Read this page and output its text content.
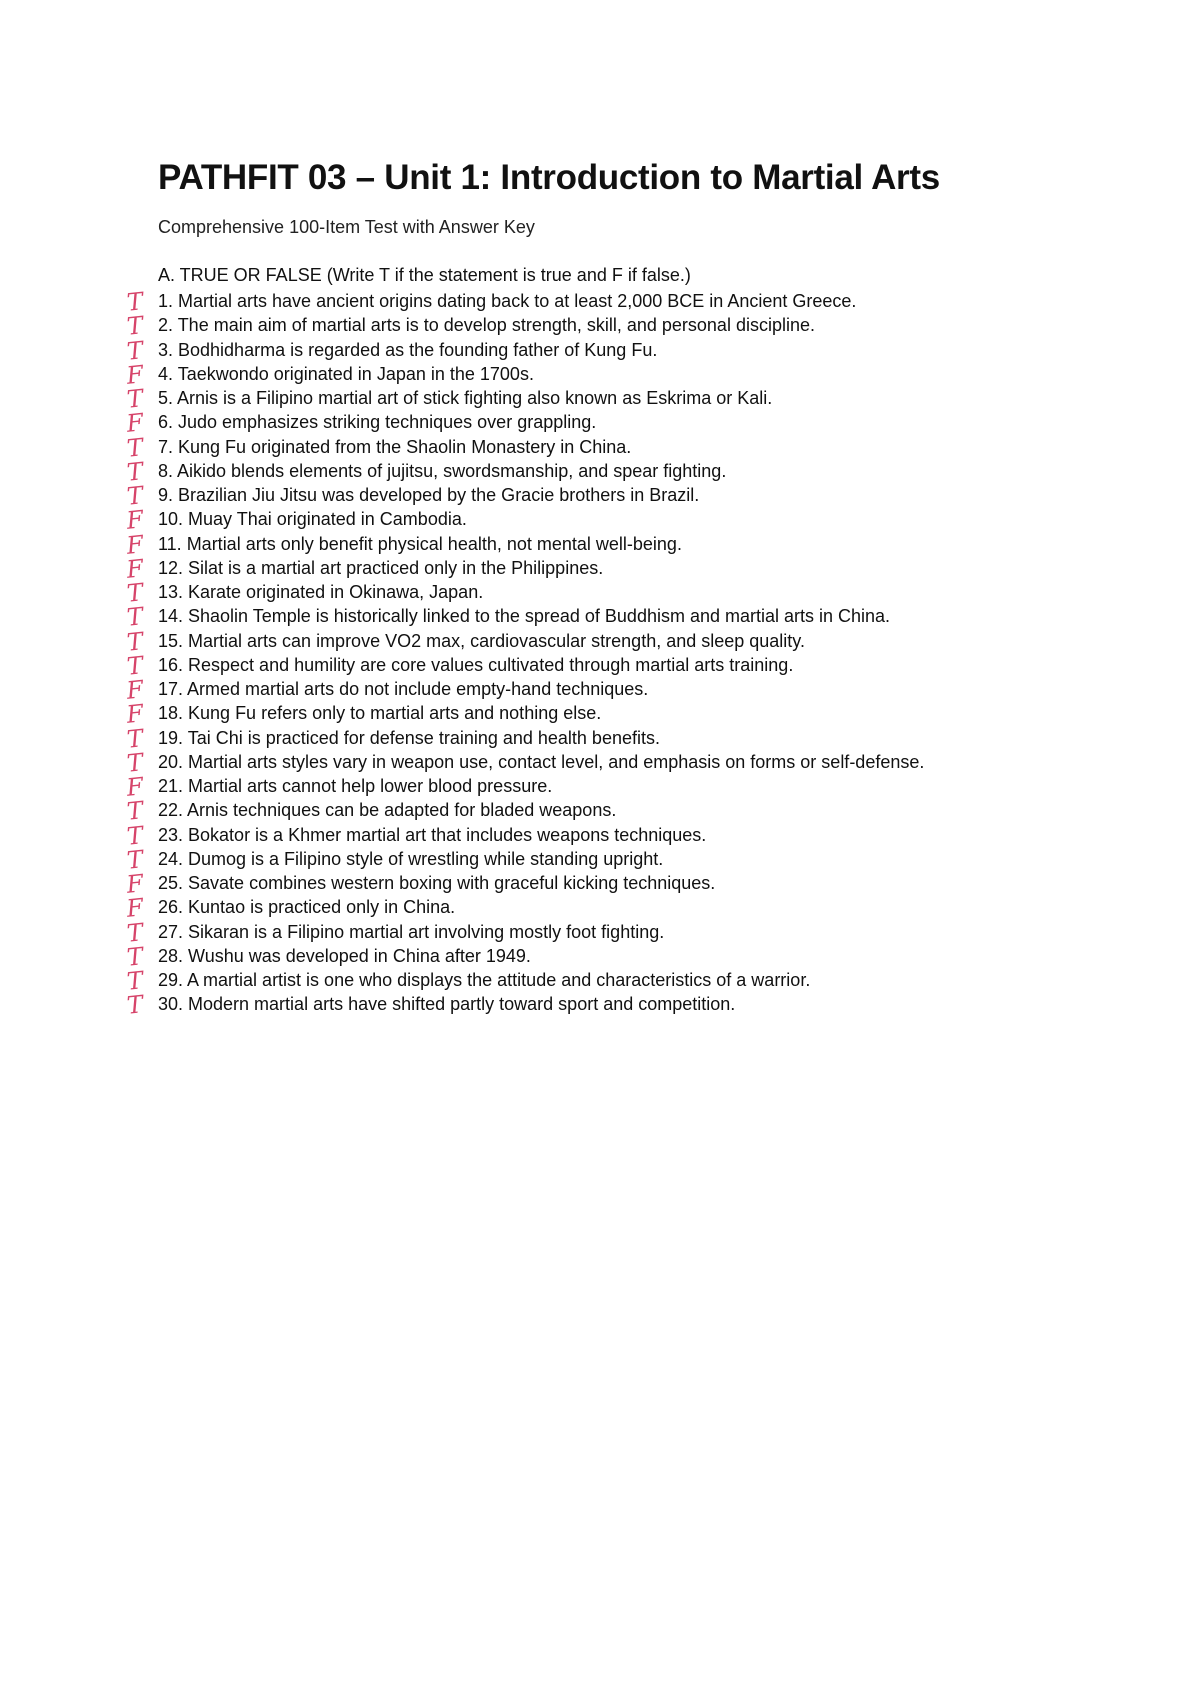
PATHFIT 03 – Unit 1: Introduction to Martial Arts
Comprehensive 100-Item Test with Answer Key
A. TRUE OR FALSE (Write T if the statement is true and F if false.)
T 1. Martial arts have ancient origins dating back to at least 2,000 BCE in Ancient Greece.
T 2. The main aim of martial arts is to develop strength, skill, and personal discipline.
T 3. Bodhidharma is regarded as the founding father of Kung Fu.
F 4. Taekwondo originated in Japan in the 1700s.
T 5. Arnis is a Filipino martial art of stick fighting also known as Eskrima or Kali.
F 6. Judo emphasizes striking techniques over grappling.
T 7. Kung Fu originated from the Shaolin Monastery in China.
T 8. Aikido blends elements of jujitsu, swordsmanship, and spear fighting.
T 9. Brazilian Jiu Jitsu was developed by the Gracie brothers in Brazil.
F 10. Muay Thai originated in Cambodia.
F 11. Martial arts only benefit physical health, not mental well-being.
F 12. Silat is a martial art practiced only in the Philippines.
T 13. Karate originated in Okinawa, Japan.
T 14. Shaolin Temple is historically linked to the spread of Buddhism and martial arts in China.
T 15. Martial arts can improve VO2 max, cardiovascular strength, and sleep quality.
T 16. Respect and humility are core values cultivated through martial arts training.
F 17. Armed martial arts do not include empty-hand techniques.
F 18. Kung Fu refers only to martial arts and nothing else.
T 19. Tai Chi is practiced for defense training and health benefits.
T 20. Martial arts styles vary in weapon use, contact level, and emphasis on forms or self-defense.
F 21. Martial arts cannot help lower blood pressure.
T 22. Arnis techniques can be adapted for bladed weapons.
T 23. Bokator is a Khmer martial art that includes weapons techniques.
T 24. Dumog is a Filipino style of wrestling while standing upright.
F 25. Savate combines western boxing with graceful kicking techniques.
F 26. Kuntao is practiced only in China.
T 27. Sikaran is a Filipino martial art involving mostly foot fighting.
T 28. Wushu was developed in China after 1949.
T 29. A martial artist is one who displays the attitude and characteristics of a warrior.
T 30. Modern martial arts have shifted partly toward sport and competition.
